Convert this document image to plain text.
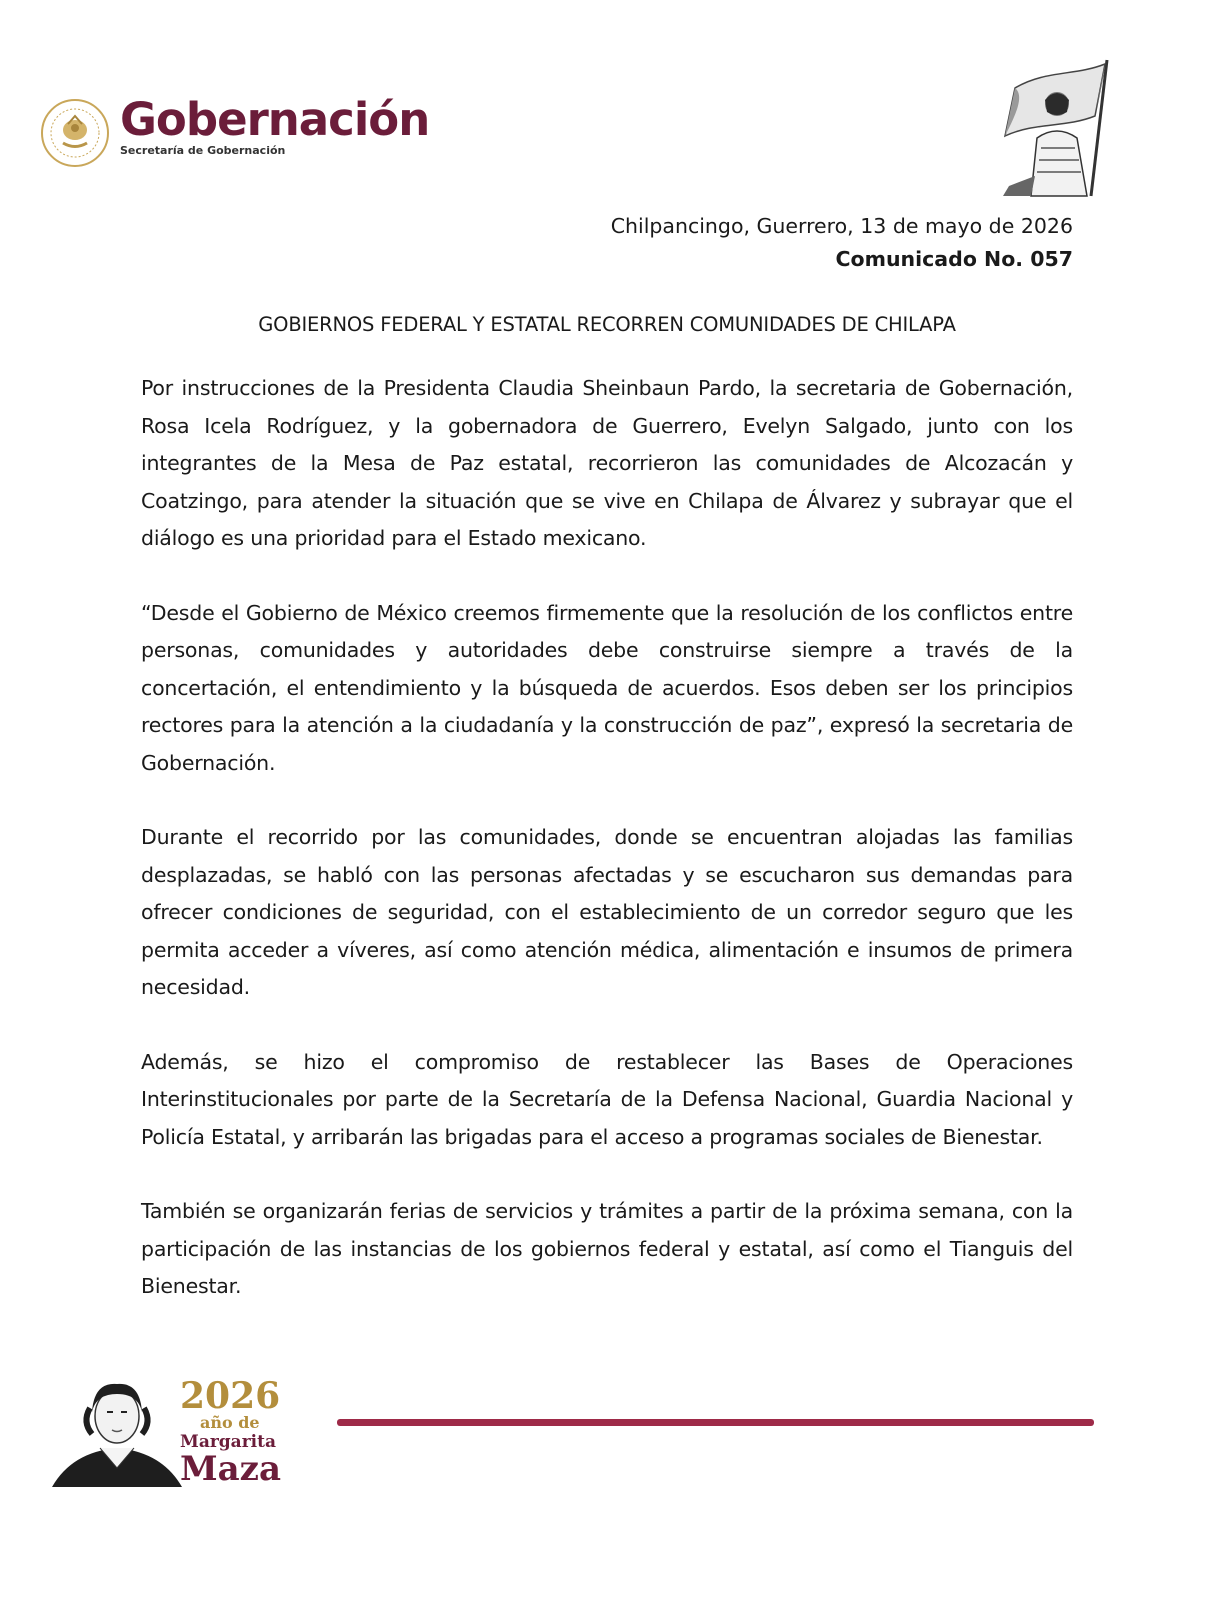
Gobernación
Secretaría de Gobernación
Chilpancingo, Guerrero, 13 de mayo de 2026
Comunicado No. 057
GOBIERNOS FEDERAL Y ESTATAL RECORREN COMUNIDADES DE CHILAPA

Por instrucciones de la Presidenta Claudia Sheinbaun Pardo, la secretaria de Gobernación, Rosa Icela Rodríguez, y la gobernadora de Guerrero, Evelyn Salgado, junto con los integrantes de la Mesa de Paz estatal, recorrieron las comunidades de Alcozacán y Coatzingo, para atender la situación que se vive en Chilapa de Álvarez y subrayar que el diálogo es una prioridad para el Estado mexicano.

“Desde el Gobierno de México creemos firmemente que la resolución de los conflictos entre personas, comunidades y autoridades debe construirse siempre a través de la concertación, el entendimiento y la búsqueda de acuerdos. Esos deben ser los principios rectores para la atención a la ciudadanía y la construcción de paz”, expresó la secretaria de Gobernación.

Durante el recorrido por las comunidades, donde se encuentran alojadas las familias desplazadas, se habló con las personas afectadas y se escucharon sus demandas para ofrecer condiciones de seguridad, con el establecimiento de un corredor seguro que les permita acceder a víveres, así como atención médica, alimentación e insumos de primera necesidad.

Además, se hizo el compromiso de restablecer las Bases de Operaciones Interinstitucionales por parte de la Secretaría de la Defensa Nacional, Guardia Nacional y Policía Estatal, y arribarán las brigadas para el acceso a programas sociales de Bienestar.

También se organizarán ferias de servicios y trámites a partir de la próxima semana, con la participación de las instancias de los gobiernos federal y estatal, así como el Tianguis del Bienestar.

2026
año de
Margarita
Maza
